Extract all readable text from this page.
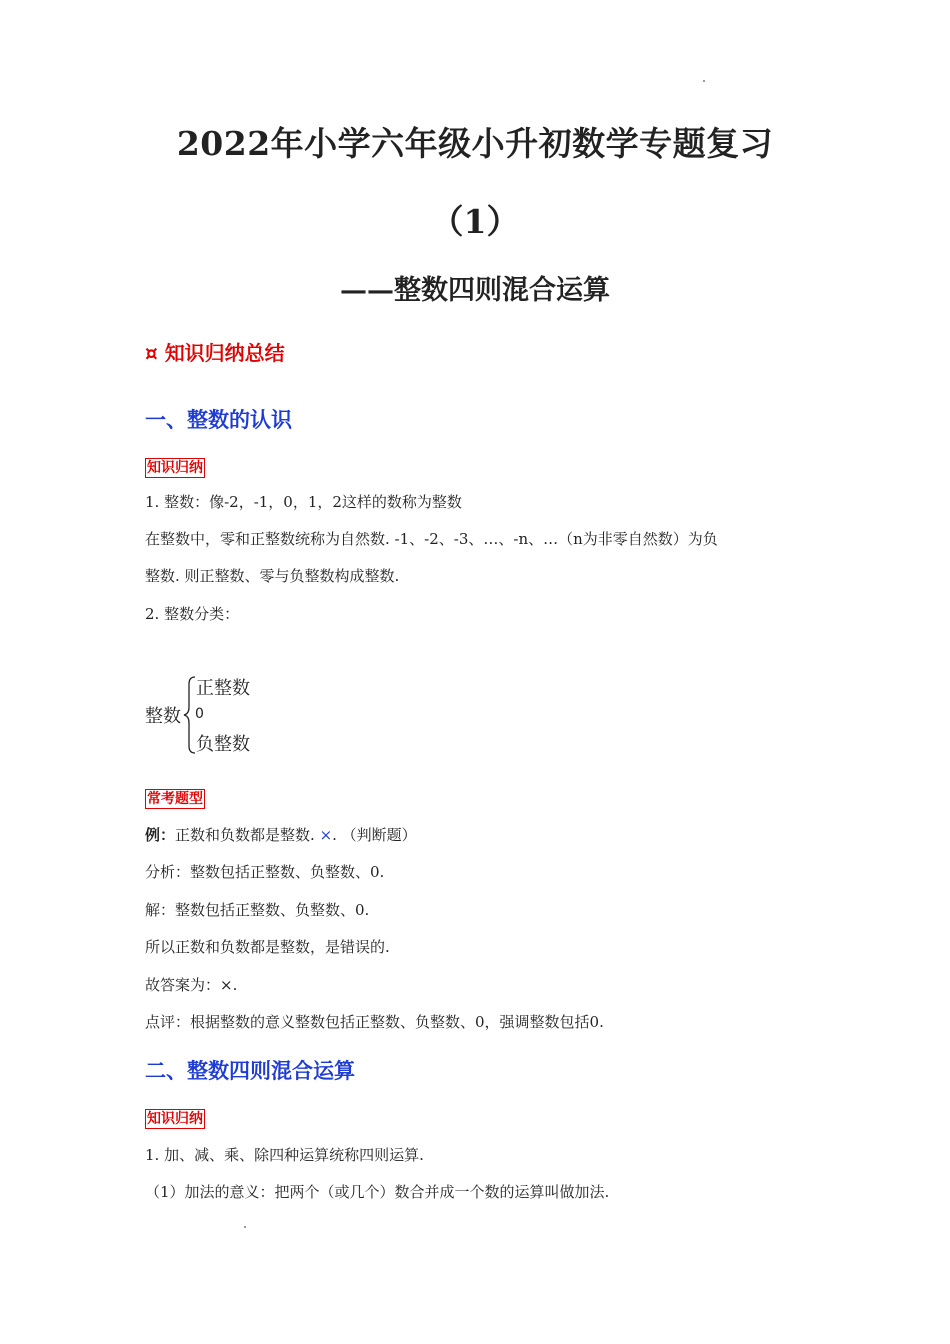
2022年小学六年级小升初数学专题复习
（1）
——整数四则混合运算
¤ 知识归纳总结
一、整数的认识
知识归纳
1. 整数：像-2，-1，0，1，2这样的数称为整数
在整数中，零和正整数统称为自然数. -1、-2、-3、…、-n、…（n为非零自然数）为负
整数. 则正整数、零与负整数构成整数.
2. 整数分类：
整数
正整数
0
负整数
常考题型
例：正数和负数都是整数. ×. （判断题）
分析：整数包括正整数、负整数、0.
解：整数包括正整数、负整数、0.
所以正数和负数都是整数，是错误的.
故答案为：×.
点评：根据整数的意义整数包括正整数、负整数、0，强调整数包括0.
二、整数四则混合运算
知识归纳
1. 加、减、乘、除四种运算统称四则运算.
（1）加法的意义：把两个（或几个）数合并成一个数的运算叫做加法.
